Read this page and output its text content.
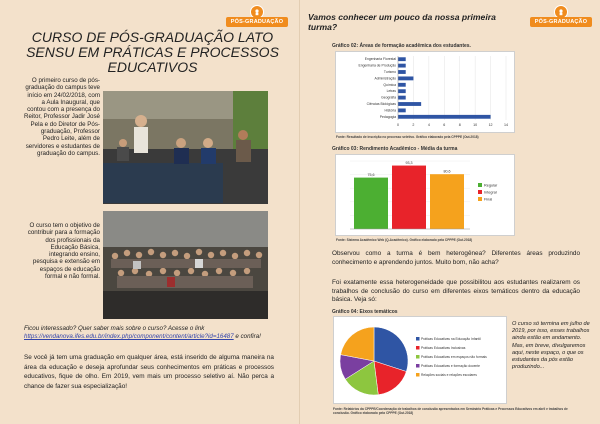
PÓS-GRADUAÇÃO
CURSO DE PÓS-GRADUAÇÃO LATO SENSU EM PRÁTICAS E PROCESSOS EDUCATIVOS
O primeiro curso de pós-graduação do campus teve início em 24/02/2018, com a Aula Inaugural, que contou com a presença do Reitor, Professor Jadir José Pela e do Diretor de Pós-graduação, Professor Pedro Leite, além de servidores e estudantes de graduação do campus.
O curso tem o objetivo de contribuir para a formação dos profissionais da Educação Básica, integrando ensino, pesquisa e extensão em espaços de educação formal e não formal.
Ficou interessado? Quer saber mais sobre o curso? Acesse o link https://vendanova.ifes.edu.br/index.php/component/content/article?id=16487 e confira!
Se você já tem uma graduação em qualquer área, está inserido de alguma maneira na área da educação e deseja aprofundar seus conhecimentos em práticas e processos educativos, fique de olho. Em 2019, vem mais um processo seletivo aí. Não perca a chance de fazer sua especialização!
Vamos conhecer um pouco da nossa primeira turma?	PÓS-GRADUAÇÃO
Gráfico 02: Áreas de formação acadêmica dos estudantes.
0	2	4	6	8	10	12	14
Engenharia Florestal
Engenharia de Produção
Turismo
Administração
Química
Letras
Geografia
Ciências Biológicas
História
Pedagogia
Fonte: Resultado de inscrição no processo seletivo. Gráfico elaborado pela CPPPE (Out.2018)
Gráfico 03: Rendimento Acadêmico - Média da turma
75,6
Regular
93,3
Integral
80,6
Final
Fonte: Sistema Acadêmico Web (Q-Acadêmico). Gráfico elaborado pela CPPPE (Out.2018)
Observou como a turma é bem heterogênea? Diferentes áreas produzindo conhecimento e aprendendo juntos. Muito bom, não acha?
Foi exatamente essa heterogeneidade que possibilitou aos estudantes realizarem os trabalhos de conclusão do curso em diferentes eixos temáticos dentro da educação básica. Veja só:
Gráfico 04: Eixos temáticos
Práticas Educativas na Educação Infantil
Práticas Educativas Inclusivas
Práticas Educativas em espaços não formais
Práticas Educativas e formação docente
Relações sociais e relações escolares
Fonte: Relatórios da CPPPE/Coordenação de trabalhos de conclusão apresentados em Seminário Práticas e Processos Educativos em abril e trabalhos de conclusão. Gráfico elaborado pela CPPPE (Out.2018)
O curso só termina em julho de 2019, por isso, esses trabalhos ainda estão em andamento. Mas, em breve, divulgaremos aqui, neste espaço, o que os estudantes da pós estão produzindo...
